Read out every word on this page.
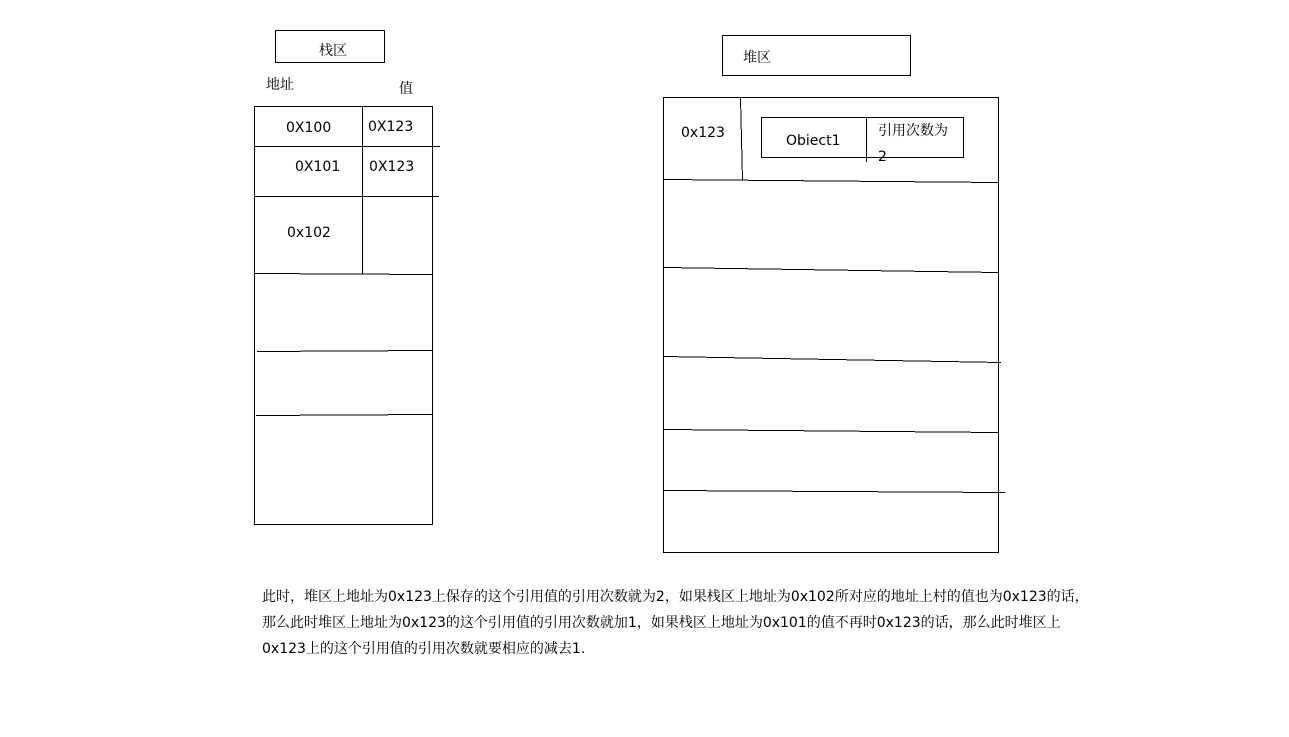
栈区
地址	值
0X100	0X123
0X101 0X123
0x102
堆区
0x123	Obiect1
引用次数为
2
此时，堆区上地址为0x123上保存的这个引用值的引用次数就为2，如果栈区上地址为0x102所对应的地址上村的值也为0x123的话，
那么此时堆区上地址为0x123的这个引用值的引用次数就加1，如果栈区上地址为0x101的值不再时0x123的话，那么此时堆区上
0x123上的这个引用值的引用次数就要相应的减去1.
